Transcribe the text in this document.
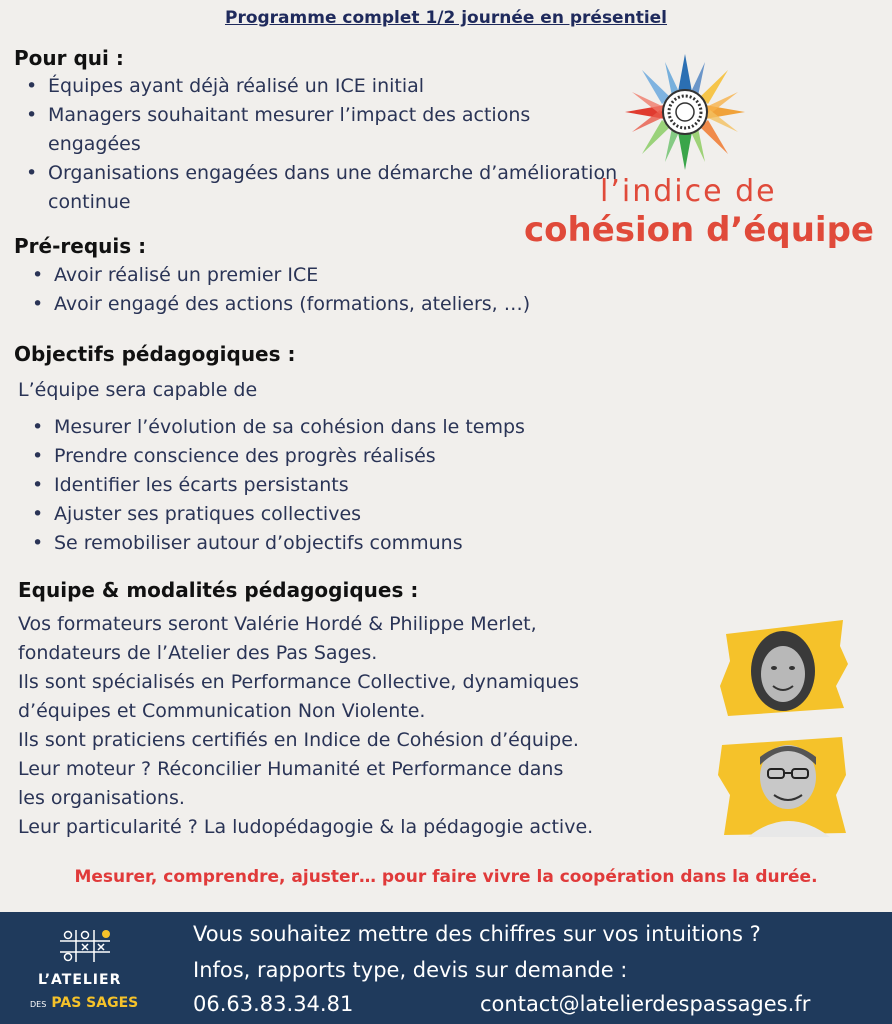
Programme complet 1/2 journée en présentiel
Pour qui :
• Équipes ayant déjà réalisé un ICE initial
• Managers souhaitant mesurer l’impact des actions engagées
• Organisations engagées dans une démarche d’amélioration continue	l’indice de
cohésion d’équipe
Pré-requis :
• Avoir réalisé un premier ICE
• Avoir engagé des actions (formations, ateliers, …)
Objectifs pédagogiques :
L’équipe sera capable de
• Mesurer l’évolution de sa cohésion dans le temps
• Prendre conscience des progrès réalisés
• Identifier les écarts persistants
• Ajuster ses pratiques collectives
• Se remobiliser autour d’objectifs communs
Equipe & modalités pédagogiques :
Vos formateurs seront Valérie Hordé & Philippe Merlet,
fondateurs de l’Atelier des Pas Sages.
Ils sont spécialisés en Performance Collective, dynamiques
d’équipes et Communication Non Violente.
Ils sont praticiens certifiés en Indice de Cohésion d’équipe.
Leur moteur ? Réconcilier Humanité et Performance dans
les organisations.
Leur particularité ? La ludopédagogie & la pédagogie active.
Mesurer, comprendre, ajuster… pour faire vivre la coopération dans la durée.
L’ATELIER
DES PAS SAGES
Vous souhaitez mettre des chiffres sur vos intuitions ?
Infos, rapports type, devis sur demande :
06.63.83.34.81	contact@latelierdespassages.fr
